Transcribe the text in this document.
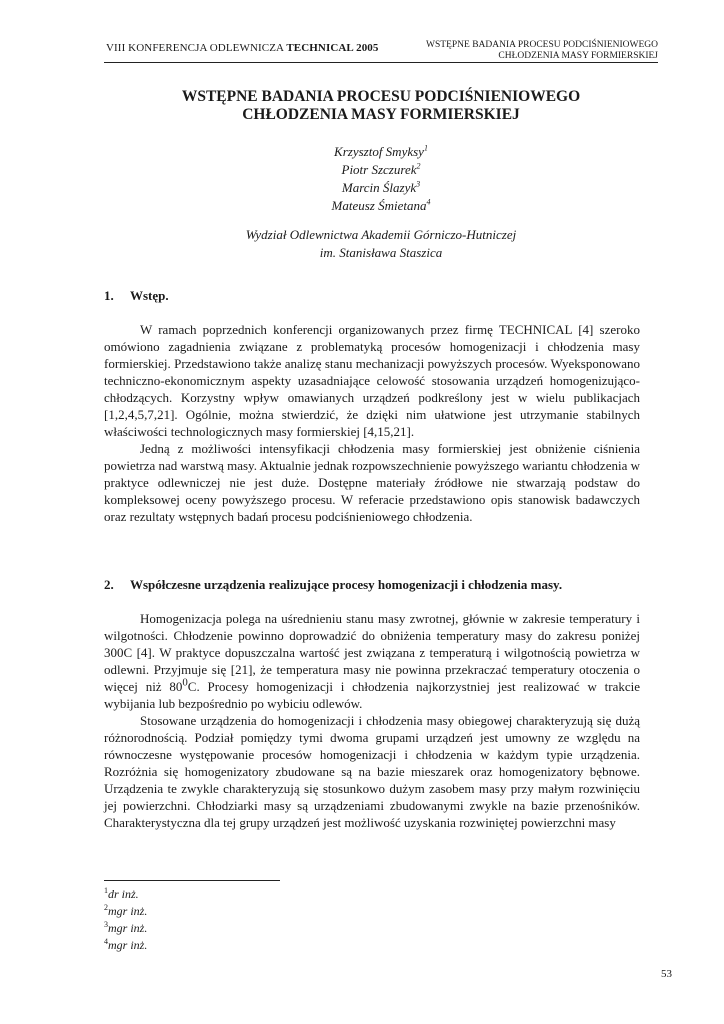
VIII KONFERENCJA ODLEWNICZA TECHNICAL 2005	WSTĘPNE BADANIA PROCESU PODCIŚNIENIOWEGO
CHŁODZENIA MASY FORMIERSKIEJ
WSTĘPNE BADANIA PROCESU PODCIŚNIENIOWEGO
CHŁODZENIA MASY FORMIERSKIEJ
Krzysztof Smyksy$^1$
Piotr Szczurek$^2$
Marcin Ślazyk$^3$
Mateusz Śmietana$^4$
Wydział Odlewnictwa Akademii Górniczo-Hutniczej
im. Stanisława Staszica
1. Wstęp.

W ramach poprzednich konferencji organizowanych przez firmę TECHNICAL [4] szeroko omówiono zagadnienia związane z problematyką procesów homogenizacji i chłodzenia masy formierskiej. Przedstawiono także analizę stanu mechanizacji powyższych procesów. Wyeksponowano techniczno-ekonomicznym aspekty uzasadniające celowość stosowania urządzeń homogenizująco- chłodzących. Korzystny wpływ omawianych urządzeń podkreślony jest w wielu publikacjach [1,2,4,5,7,21]. Ogólnie, można stwierdzić, że dzięki nim ułatwione jest utrzymanie stabilnych właściwości technologicznych masy formierskiej [4,15,21].

Jedną z możliwości intensyfikacji chłodzenia masy formierskiej jest obniżenie ciśnienia powietrza nad warstwą masy. Aktualnie jednak rozpowszechnienie powyższego wariantu chłodzenia w praktyce odlewniczej nie jest duże. Dostępne materiały źródłowe nie stwarzają podstaw do kompleksowej oceny powyższego procesu. W referacie przedstawiono opis stanowisk badawczych oraz rezultaty wstępnych badań procesu podciśnieniowego chłodzenia.

2. Współczesne urządzenia realizujące procesy homogenizacji i chłodzenia masy.

Homogenizacja polega na uśrednieniu stanu masy zwrotnej, głównie w zakresie temperatury i wilgotności. Chłodzenie powinno doprowadzić do obniżenia temperatury masy do zakresu poniżej 300C [4]. W praktyce dopuszczalna wartość jest związana z temperaturą i wilgotnością powietrza w odlewni. Przyjmuje się [21], że temperatura masy nie powinna przekraczać temperatury otoczenia o więcej niż $80^0C$. Procesy homogenizacji i chłodzenia najkorzystniej jest realizować w trakcie wybijania lub bezpośrednio po wybiciu odlewów.

Stosowane urządzenia do homogenizacji i chłodzenia masy obiegowej charakteryzują się dużą różnorodnością. Podział pomiędzy tymi dwoma grupami urządzeń jest umowny ze względu na równoczesne występowanie procesów homogenizacji i chłodzenia w każdym typie urządzenia. Rozróżnia się homogenizatory zbudowane są na bazie mieszarek oraz homogenizatory bębnowe. Urządzenia te zwykle charakteryzują się stosunkowo dużym zasobem masy przy małym rozwinięciu jej powierzchni. Chłodziarki masy są urządzeniami zbudowanymi zwykle na bazie przenośników. Charakterystyczna dla tej grupy urządzeń jest możliwość uzyskania rozwiniętej powierzchni masy

$^1$dr inż.
$^2$mgr inż.
$^3$mgr inż.
$^4$mgr inż.
53
